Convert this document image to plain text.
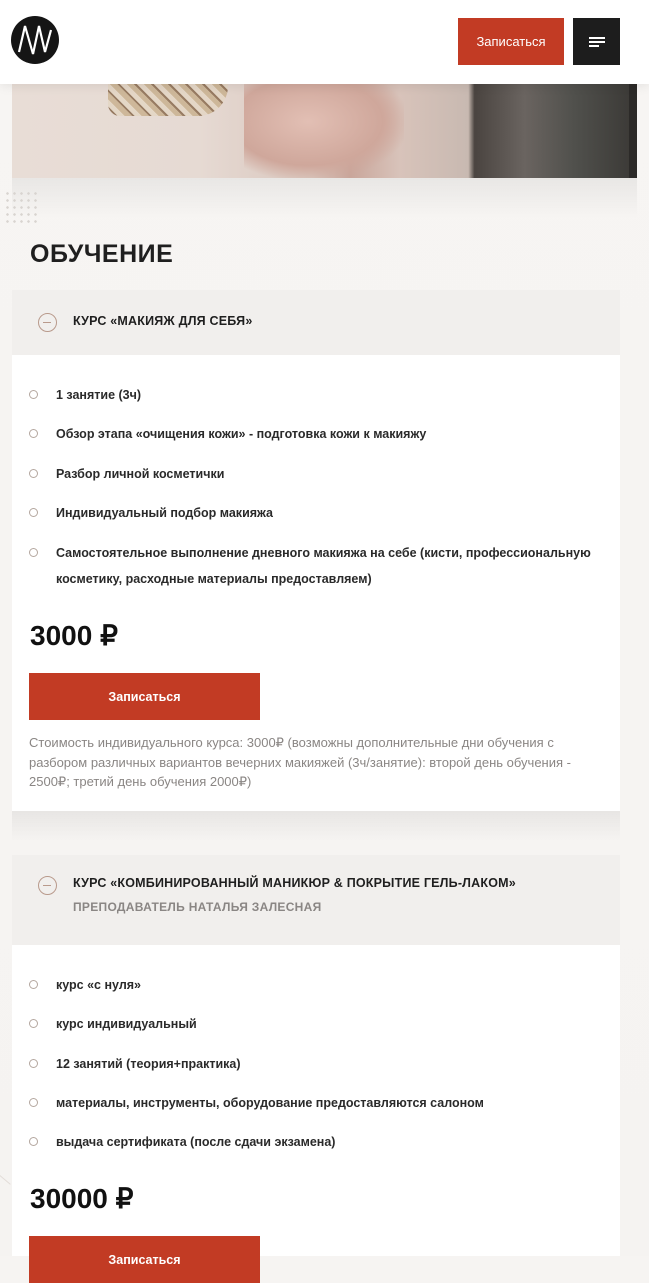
Записаться
ОБУЧЕНИЕ
КУРС «МАКИЯЖ ДЛЯ СЕБЯ»
1 занятие (3ч)
Обзор этапа «очищения кожи» - подготовка кожи к макияжу
Разбор личной косметички
Индивидуальный подбор макияжа
Самостоятельное выполнение дневного макияжа на себе (кисти, профессиональную косметику, расходные материалы предоставляем)
3000 ₽
Записаться
Стоимость индивидуального курса: 3000₽ (возможны дополнительные дни обучения с разбором различных вариантов вечерних макияжей (3ч/занятие): второй день обучения - 2500₽; третий день обучения 2000₽)
КУРС «КОМБИНИРОВАННЫЙ МАНИКЮР & ПОКРЫТИЕ ГЕЛЬ-ЛАКОМ»
ПРЕПОДАВАТЕЛЬ НАТАЛЬЯ ЗАЛЕСНАЯ
курс «с нуля»
курс индивидуальный
12 занятий (теория+практика)
материалы, инструменты, оборудование предоставляются салоном
выдача сертификата (после сдачи экзамена)
30000 ₽
Записаться
